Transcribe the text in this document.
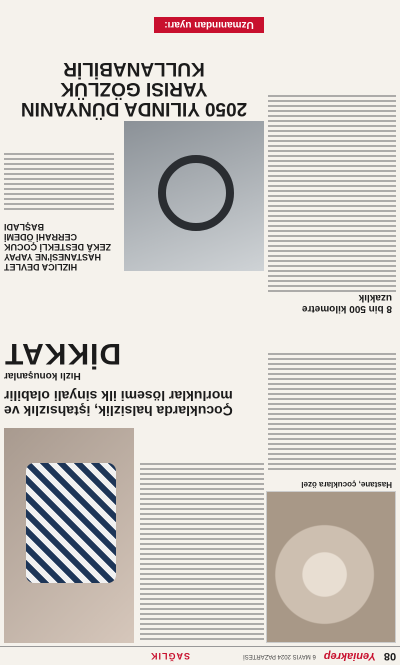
08
Yeniakrep
6 MAYIS 2024 PAZARTESİ
SAĞLIK
Hastane, çocuklara özel
8 bin 500 kilometre uzaklık
Çocuklarda halsizlik, iştahsızlık ve morluklar lösemi ilk sinyali olabilir
Hızlı konuşanlar
DİKKAT
HIZLICA DEVLET HASTANESİ'NE YAPAY ZEKÂ DESTEKLİ ÇOCUK CERRAHİ ÖDEMİ BAŞLADI
2050 YILINDA DÜNYANIN YARISI GÖZLÜK KULLANABİLİR
Uzmanından uyarı:
